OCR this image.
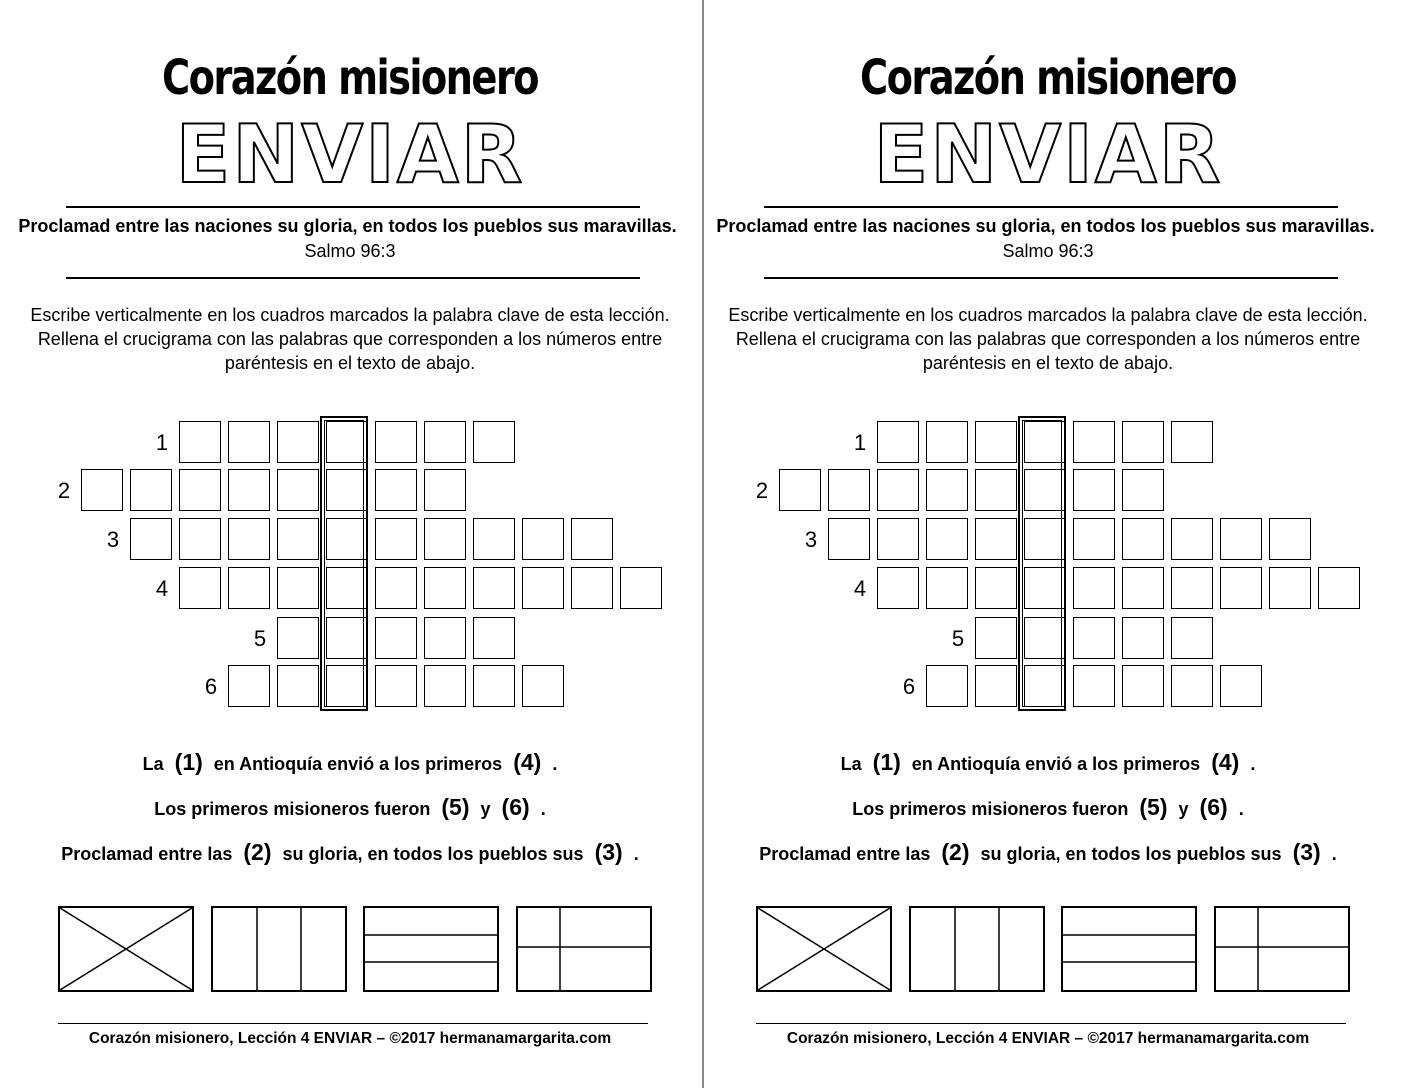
Corazón misionero
ENVIAR
Proclamad entre las naciones su gloria, en todos los pueblos sus maravillas.  Salmo 96:3
Escribe verticalmente en los cuadros marcados la palabra clave de esta lección. Rellena el crucigrama con las palabras que corresponden a los números entre paréntesis en el texto de abajo.
1
2
3
4
5
6
La (1) en Antioquía envió a los primeros (4) .
Los primeros misioneros fueron (5) y (6) .
Proclamad entre las (2) su gloria, en todos los pueblos sus (3) .
Corazón misionero, Lección 4 ENVIAR – ©2017 hermanamargarita.com
Corazón misionero
ENVIAR
Proclamad entre las naciones su gloria, en todos los pueblos sus maravillas.  Salmo 96:3
Escribe verticalmente en los cuadros marcados la palabra clave de esta lección. Rellena el crucigrama con las palabras que corresponden a los números entre paréntesis en el texto de abajo.
1
2
3
4
5
6
La (1) en Antioquía envió a los primeros (4) .
Los primeros misioneros fueron (5) y (6) .
Proclamad entre las (2) su gloria, en todos los pueblos sus (3) .
Corazón misionero, Lección 4 ENVIAR – ©2017 hermanamargarita.com
